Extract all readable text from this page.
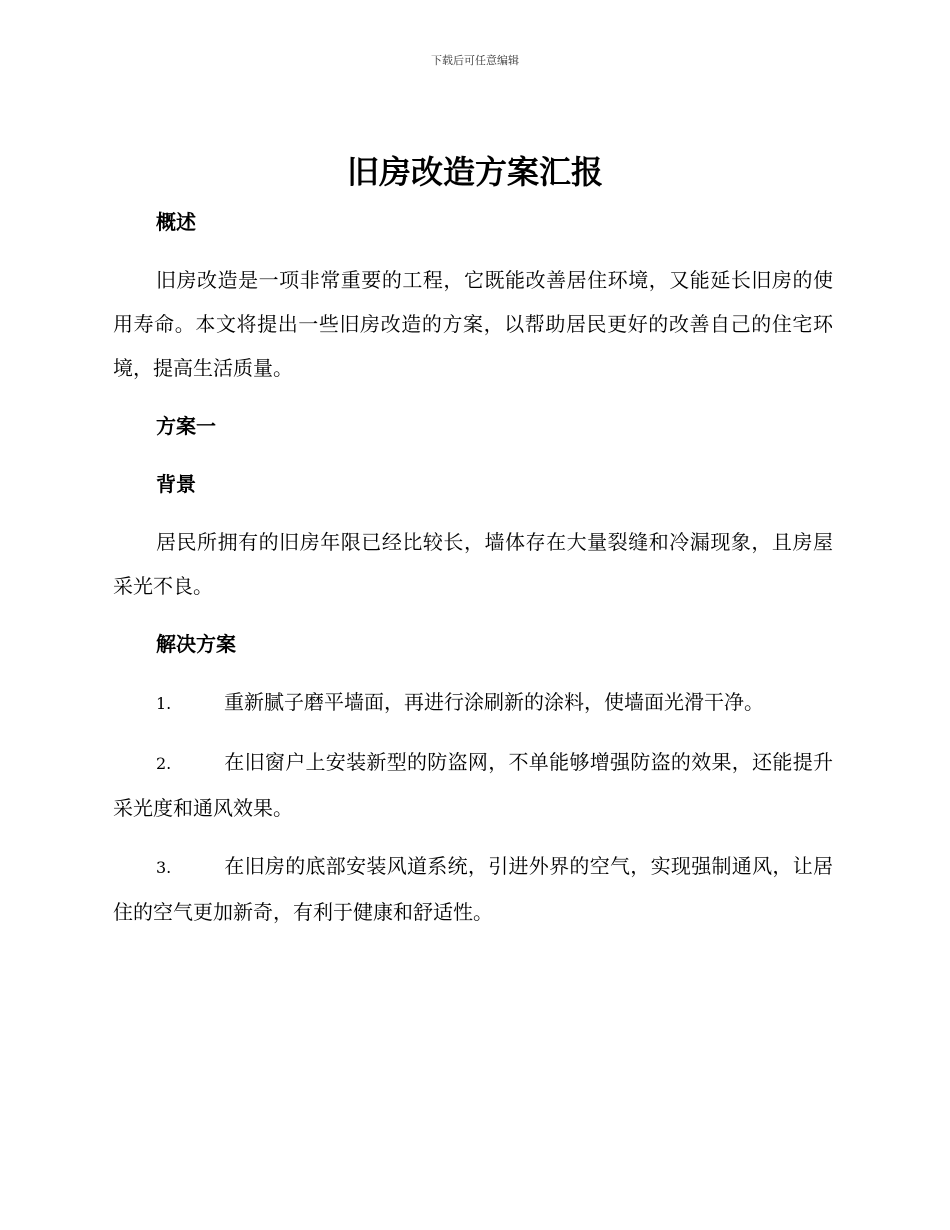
下载后可任意编辑
旧房改造方案汇报
概述

旧房改造是一项非常重要的工程，它既能改善居住环境，又能延长旧房的使用寿命。本文将提出一些旧房改造的方案，以帮助居民更好的改善自己的住宅环境，提高生活质量。

方案一
背景

居民所拥有的旧房年限已经比较长，墙体存在大量裂缝和冷漏现象，且房屋采光不良。

解决方案

1.	重新腻子磨平墙面，再进行涂刷新的涂料，使墙面光滑干净。

2.	在旧窗户上安装新型的防盗网，不单能够增强防盗的效果，还能提升采光度和通风效果。

3.	在旧房的底部安装风道系统，引进外界的空气，实现强制通风，让居住的空气更加新奇，有利于健康和舒适性。
